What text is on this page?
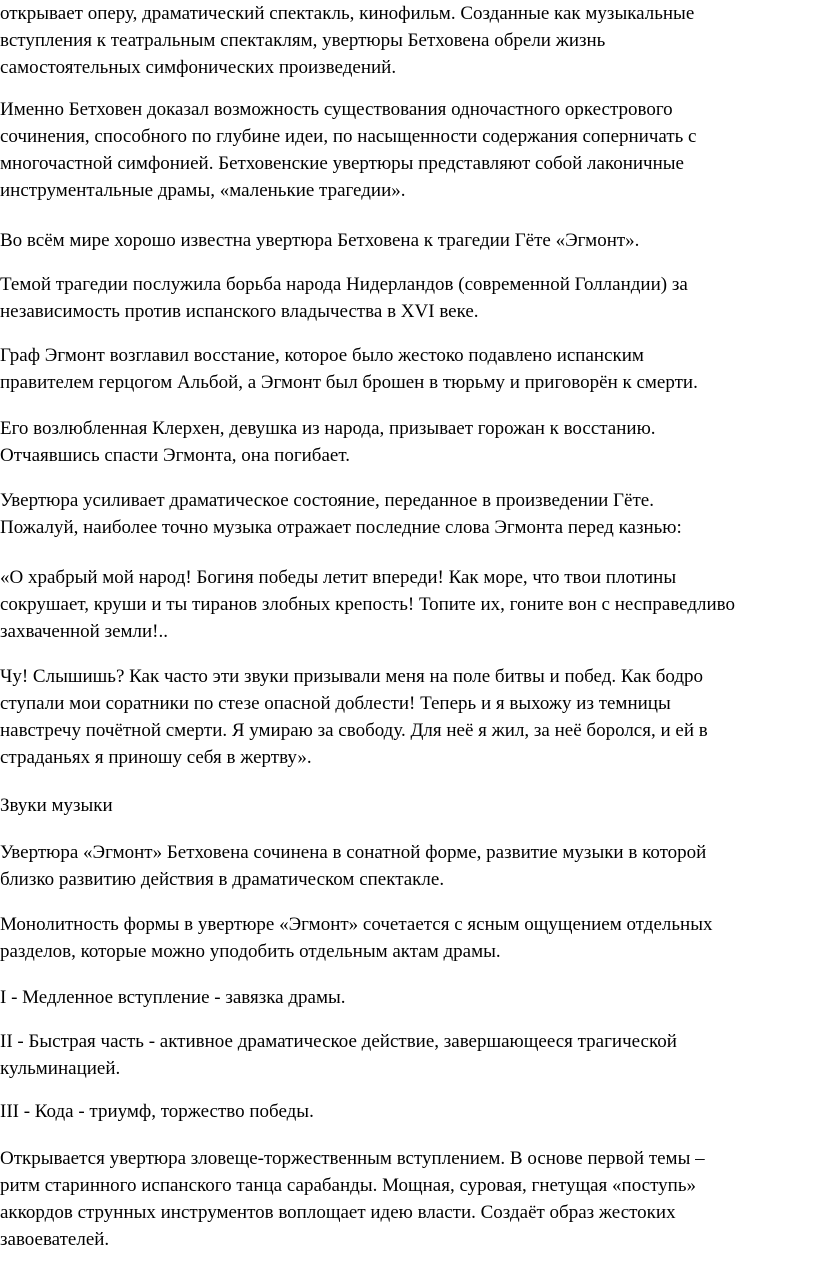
открывает оперу, драматический спектакль, кинофильм. Созданные как музыкальные
вступления к театральным спектаклям, увертюры Бетховена обрели жизнь
самостоятельных симфонических произведений.

Именно Бетховен доказал возможность существования одночастного оркестрового
сочинения, способного по глубине идеи, по насыщенности содержания соперничать с
многочастной симфонией. Бетховенские увертюры представляют собой лаконичные
инструментальные драмы, «маленькие трагедии».

Во всём мире хорошо известна увертюра Бетховена к трагедии Гёте «Эгмонт».

Темой трагедии послужила борьба народа Нидерландов (современной Голландии) за
независимость против испанского владычества в XVI веке.

Граф Эгмонт возглавил восстание, которое было жестоко подавлено испанским
правителем герцогом Альбой, а Эгмонт был брошен в тюрьму и приговорён к смерти.

Его возлюбленная Клерхен, девушка из народа, призывает горожан к восстанию.
Отчаявшись спасти Эгмонта, она погибает.

Увертюра усиливает драматическое состояние, переданное в произведении Гёте.
Пожалуй, наиболее точно музыка отражает последние слова Эгмонта перед казнью:

«О храбрый мой народ! Богиня победы летит впереди! Как море, что твои плотины
сокрушает, круши и ты тиранов злобных крепость! Топите их, гоните вон с несправедливо
захваченной земли!..

Чу! Слышишь? Как часто эти звуки призывали меня на поле битвы и побед. Как бодро
ступали мои соратники по стезе опасной доблести! Теперь и я выхожу из темницы
навстречу почётной смерти. Я умираю за свободу. Для неё я жил, за неё боролся, и ей в
страданьях я приношу себя в жертву».

Звуки музыки

Увертюра «Эгмонт» Бетховена сочинена в сонатной форме, развитие музыки в которой
близко развитию действия в драматическом спектакле.

Монолитность формы в увертюре «Эгмонт» сочетается с ясным ощущением отдельных
разделов, которые можно уподобить отдельным актам драмы.

I - Медленное вступление - завязка драмы.

II - Быстрая часть - активное драматическое действие, завершающееся трагической
кульминацией.

III - Кода - триумф, торжество победы.

Открывается увертюра зловеще-торжественным вступлением. В основе первой темы –
ритм старинного испанского танца сарабанды. Мощная, суровая, гнетущая «поступь»
аккордов струнных инструментов воплощает идею власти. Создаёт образ жестоких
завоевателей.
